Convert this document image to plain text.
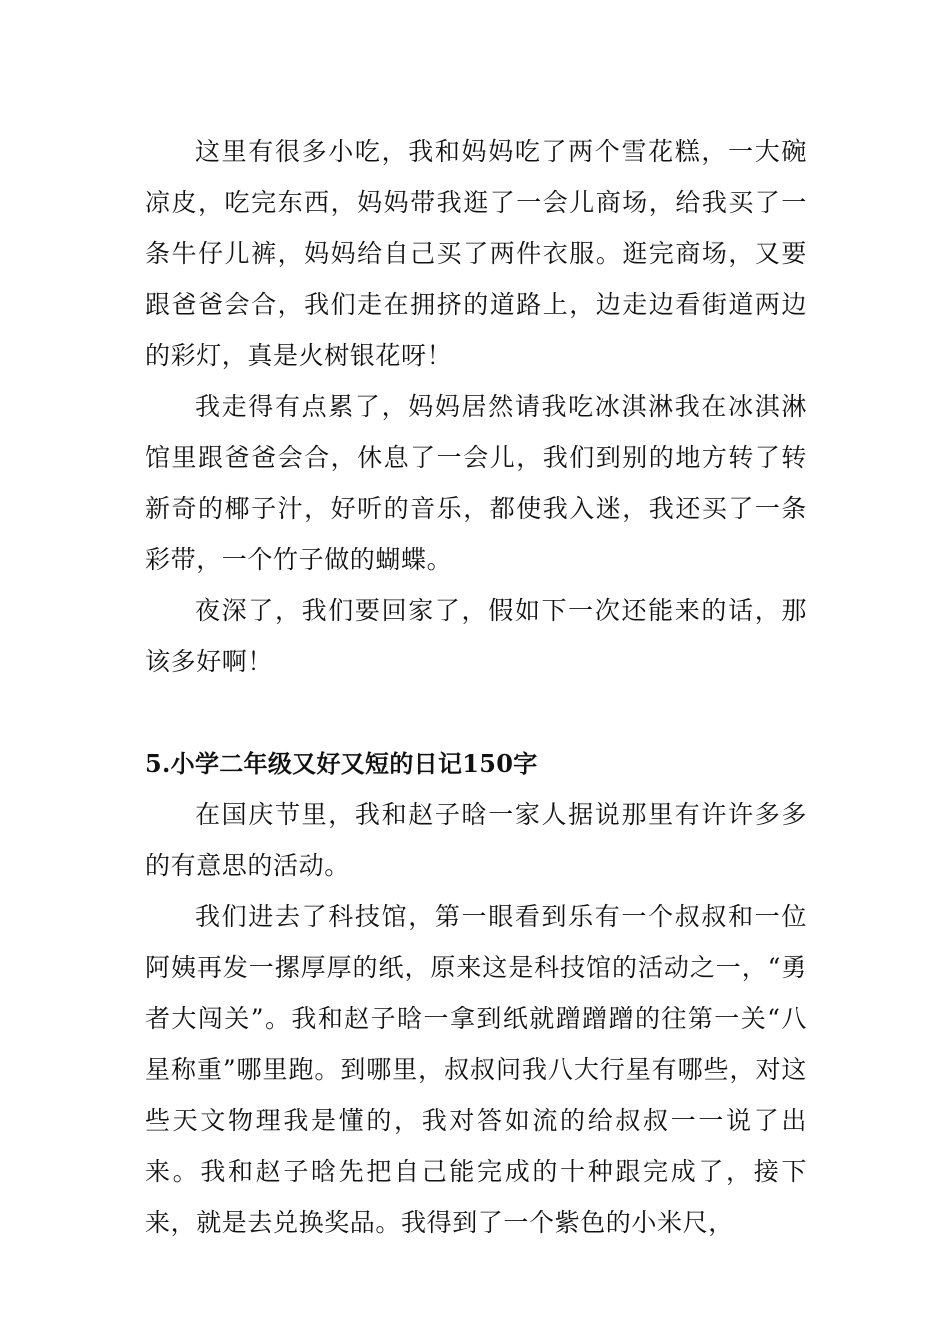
这里有很多小吃，我和妈妈吃了两个雪花糕，一大碗凉皮，吃完东西，妈妈带我逛了一会儿商场，给我买了一条牛仔儿裤，妈妈给自己买了两件衣服。逛完商场，又要跟爸爸会合，我们走在拥挤的道路上，边走边看街道两边的彩灯，真是火树银花呀！

我走得有点累了，妈妈居然请我吃冰淇淋我在冰淇淋馆里跟爸爸会合，休息了一会儿，我们到别的地方转了转新奇的椰子汁，好听的音乐，都使我入迷，我还买了一条彩带，一个竹子做的蝴蝶。

夜深了，我们要回家了，假如下一次还能来的话，那该多好啊！

5.小学二年级又好又短的日记150字

在国庆节里，我和赵子晗一家人据说那里有许许多多的有意思的活动。

我们进去了科技馆，第一眼看到乐有一个叔叔和一位阿姨再发一摞厚厚的纸，原来这是科技馆的活动之一，“勇者大闯关”。我和赵子晗一拿到纸就蹭蹭蹭的往第一关“八星称重”哪里跑。到哪里，叔叔问我八大行星有哪些，对这些天文物理我是懂的，我对答如流的给叔叔一一说了出来。我和赵子晗先把自己能完成的十种跟完成了，接下来，就是去兑换奖品。我得到了一个紫色的小米尺，
